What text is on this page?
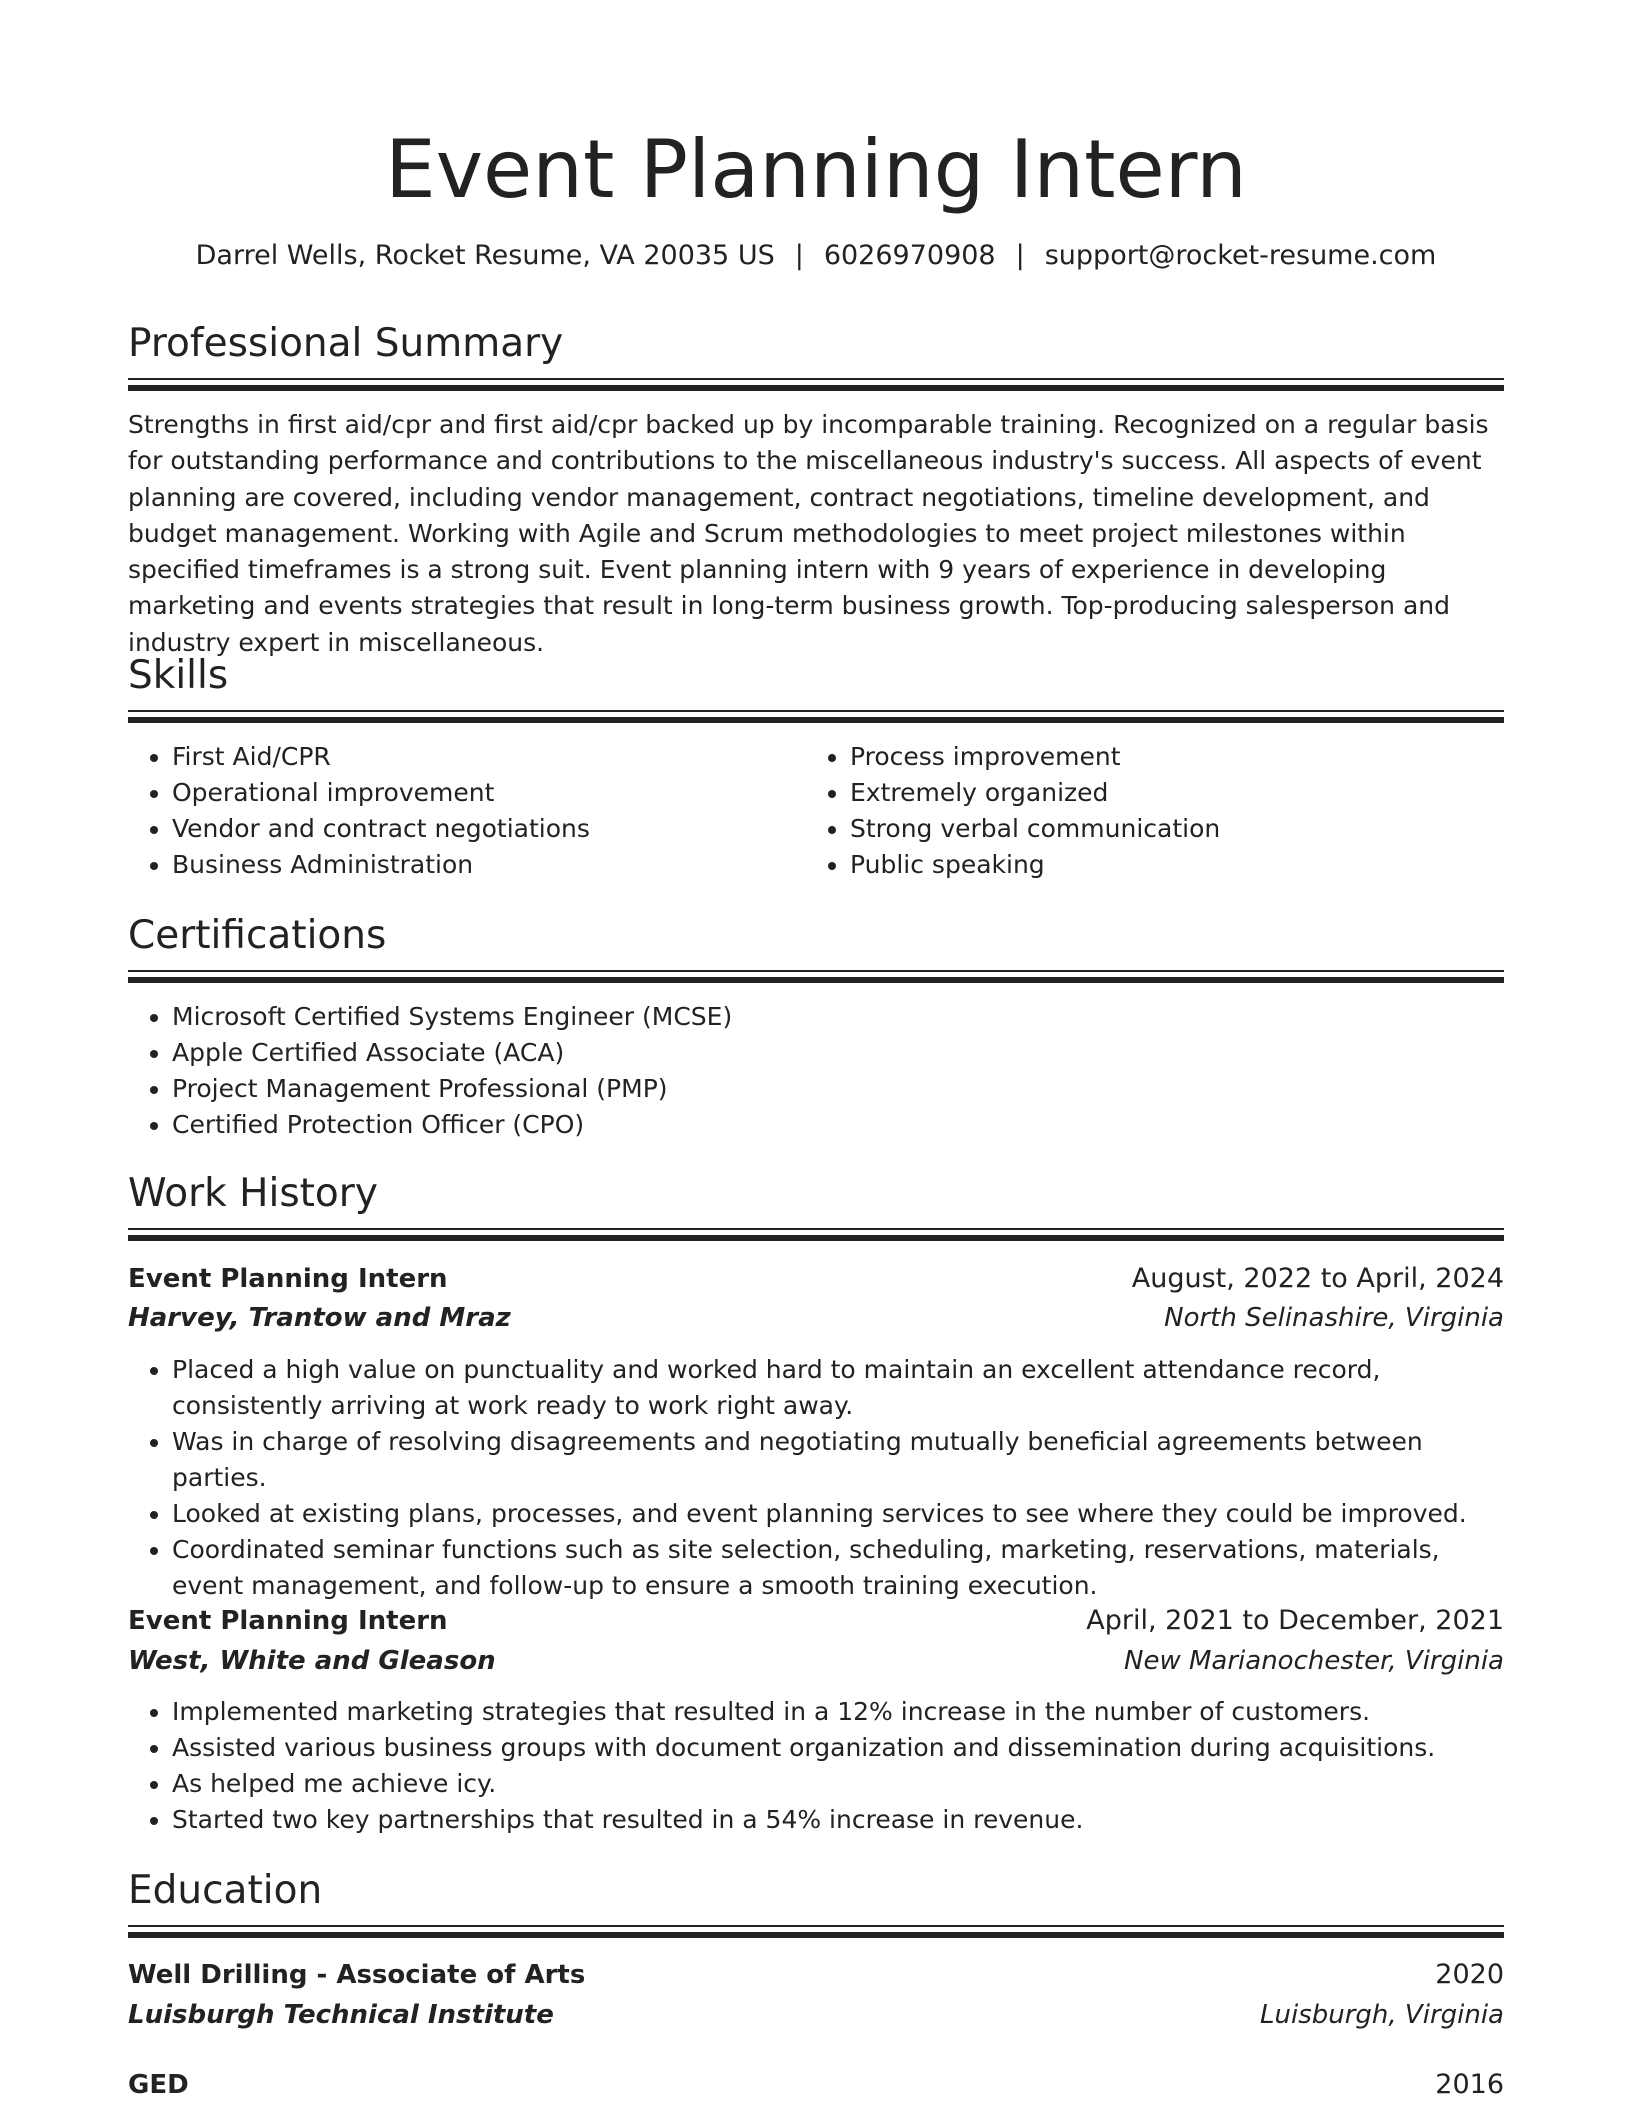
Event Planning Intern
Darrel Wells, Rocket Resume, VA 20035 US | 6026970908 | support@rocket-resume.com
Professional Summary

Strengths in first aid/cpr and first aid/cpr backed up by incomparable training. Recognized on a regular basis for outstanding performance and contributions to the miscellaneous industry's success. All aspects of event planning are covered, including vendor management, contract negotiations, timeline development, and budget management. Working with Agile and Scrum methodologies to meet project milestones within specified timeframes is a strong suit. Event planning intern with 9 years of experience in developing marketing and events strategies that result in long-term business growth. Top-producing salesperson and industry expert in miscellaneous.

Skills
• First Aid/CPR
• Operational improvement
• Vendor and contract negotiations
• Business Administration
• Process improvement
• Extremely organized
• Strong verbal communication
• Public speaking
Certifications
• Microsoft Certified Systems Engineer (MCSE)
• Apple Certified Associate (ACA)
• Project Management Professional (PMP)
• Certified Protection Officer (CPO)
Work History
Event Planning Intern	August, 2022 to April, 2024
Harvey, Trantow and Mraz	North Selinashire, Virginia
• Placed a high value on punctuality and worked hard to maintain an excellent attendance record, consistently arriving at work ready to work right away.
• Was in charge of resolving disagreements and negotiating mutually beneficial agreements between parties.
• Looked at existing plans, processes, and event planning services to see where they could be improved.
• Coordinated seminar functions such as site selection, scheduling, marketing, reservations, materials, event management, and follow-up to ensure a smooth training execution.
Event Planning Intern	April, 2021 to December, 2021
West, White and Gleason	New Marianochester, Virginia
• Implemented marketing strategies that resulted in a 12% increase in the number of customers.
• Assisted various business groups with document organization and dissemination during acquisitions.
• As helped me achieve icy.
• Started two key partnerships that resulted in a 54% increase in revenue.
Education
Well Drilling - Associate of Arts	2020
Luisburgh Technical Institute	Luisburgh, Virginia
GED	2016
